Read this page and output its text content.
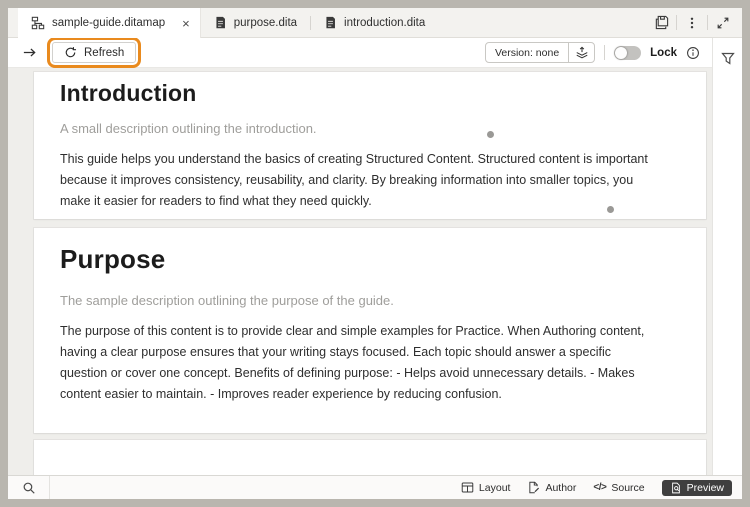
sample-guide.ditamap ×	purpose.dita	introduction.dita
Refresh	Version: none	Lock
Introduction
A small description outlining the introduction.
This guide helps you understand the basics of creating Structured Content. Structured content is important because it improves consistency, reusability, and clarity. By breaking information into smaller topics, you make it easier for readers to find what they need quickly.
Purpose
The sample description outlining the purpose of the guide.
The purpose of this content is to provide clear and simple examples for Practice. When Authoring content, having a clear purpose ensures that your writing stays focused. Each topic should answer a specific question or cover one concept. Benefits of defining purpose: - Helps avoid unnecessary details. - Makes content easier to maintain. - Improves reader experience by reducing confusion.
Layout	Author </> Source	Preview
